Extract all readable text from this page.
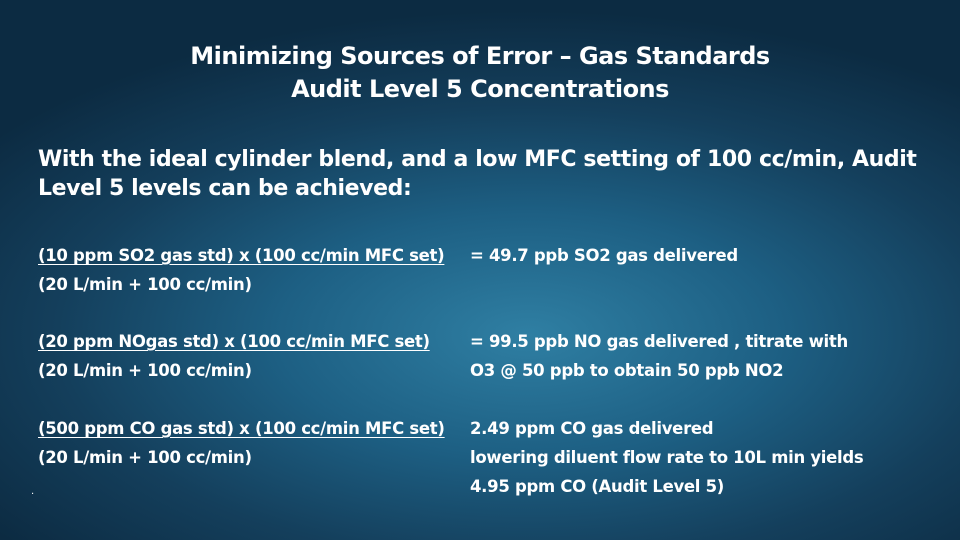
Minimizing Sources of Error – Gas Standards
Audit Level 5 Concentrations
With the ideal cylinder blend, and a low MFC setting of 100 cc/min, Audit Level 5 levels can be achieved:
(10 ppm SO2 gas std) x (100 cc/min MFC set)
(20 L/min + 100 cc/min)
= 49.7 ppb SO2 gas delivered
(20 ppm NOgas std) x (100 cc/min MFC set)
(20 L/min + 100 cc/min)
= 99.5 ppb NO gas delivered , titrate with
O3 @ 50 ppb to obtain 50 ppb NO2
(500 ppm CO gas std) x (100 cc/min MFC set)
(20 L/min + 100 cc/min)
2.49 ppm CO gas delivered
lowering diluent flow rate to 10L min yields
4.95 ppm CO (Audit Level 5)
.
